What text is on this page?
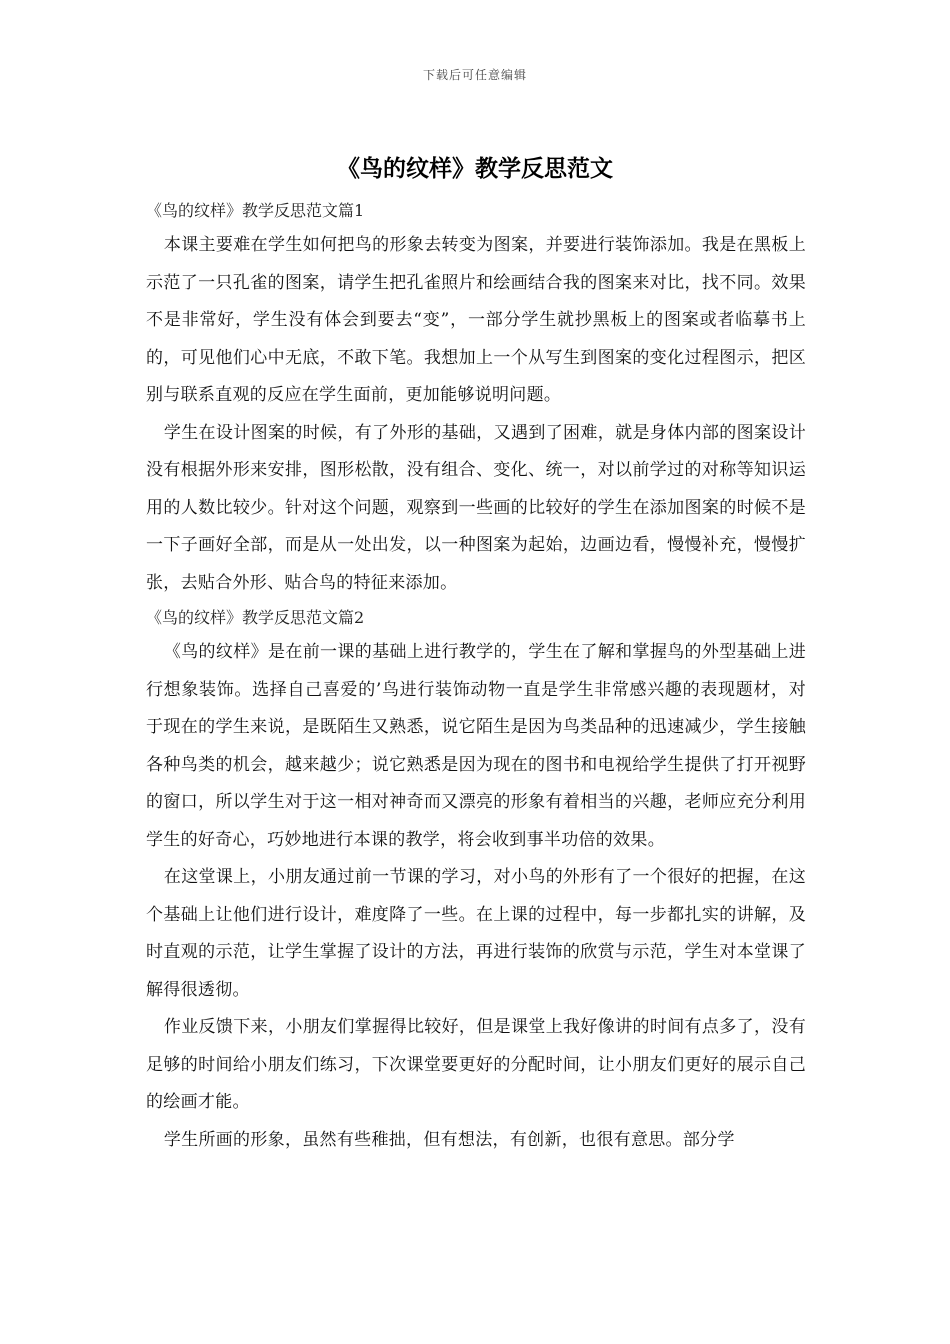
下载后可任意编辑
《鸟的纹样》教学反思范文
《鸟的纹样》教学反思范文篇1

本课主要难在学生如何把鸟的形象去转变为图案，并要进行装饰添加。我是在黑板上示范了一只孔雀的图案，请学生把孔雀照片和绘画结合我的图案来对比，找不同。效果不是非常好，学生没有体会到要去“变”，一部分学生就抄黑板上的图案或者临摹书上的，可见他们心中无底，不敢下笔。我想加上一个从写生到图案的变化过程图示，把区别与联系直观的反应在学生面前，更加能够说明问题。

学生在设计图案的时候，有了外形的基础，又遇到了困难，就是身体内部的图案设计没有根据外形来安排，图形松散，没有组合、变化、统一，对以前学过的对称等知识运用的人数比较少。针对这个问题，观察到一些画的比较好的学生在添加图案的时候不是一下子画好全部，而是从一处出发，以一种图案为起始，边画边看，慢慢补充，慢慢扩张，去贴合外形、贴合鸟的特征来添加。

《鸟的纹样》教学反思范文篇2

《鸟的纹样》是在前一课的基础上进行教学的，学生在了解和掌握鸟的外型基础上进行想象装饰。选择自己喜爱的’鸟进行装饰动物一直是学生非常感兴趣的表现题材，对于现在的学生来说，是既陌生又熟悉，说它陌生是因为鸟类品种的迅速减少，学生接触各种鸟类的机会，越来越少；说它熟悉是因为现在的图书和电视给学生提供了打开视野的窗口，所以学生对于这一相对神奇而又漂亮的形象有着相当的兴趣，老师应充分利用学生的好奇心，巧妙地进行本课的教学，将会收到事半功倍的效果。

在这堂课上，小朋友通过前一节课的学习，对小鸟的外形有了一个很好的把握，在这个基础上让他们进行设计，难度降了一些。在上课的过程中，每一步都扎实的讲解，及时直观的示范，让学生掌握了设计的方法，再进行装饰的欣赏与示范，学生对本堂课了解得很透彻。

作业反馈下来，小朋友们掌握得比较好，但是课堂上我好像讲的时间有点多了，没有足够的时间给小朋友们练习，下次课堂要更好的分配时间，让小朋友们更好的展示自己的绘画才能。

学生所画的形象，虽然有些稚拙，但有想法，有创新，也很有意思。部分学
